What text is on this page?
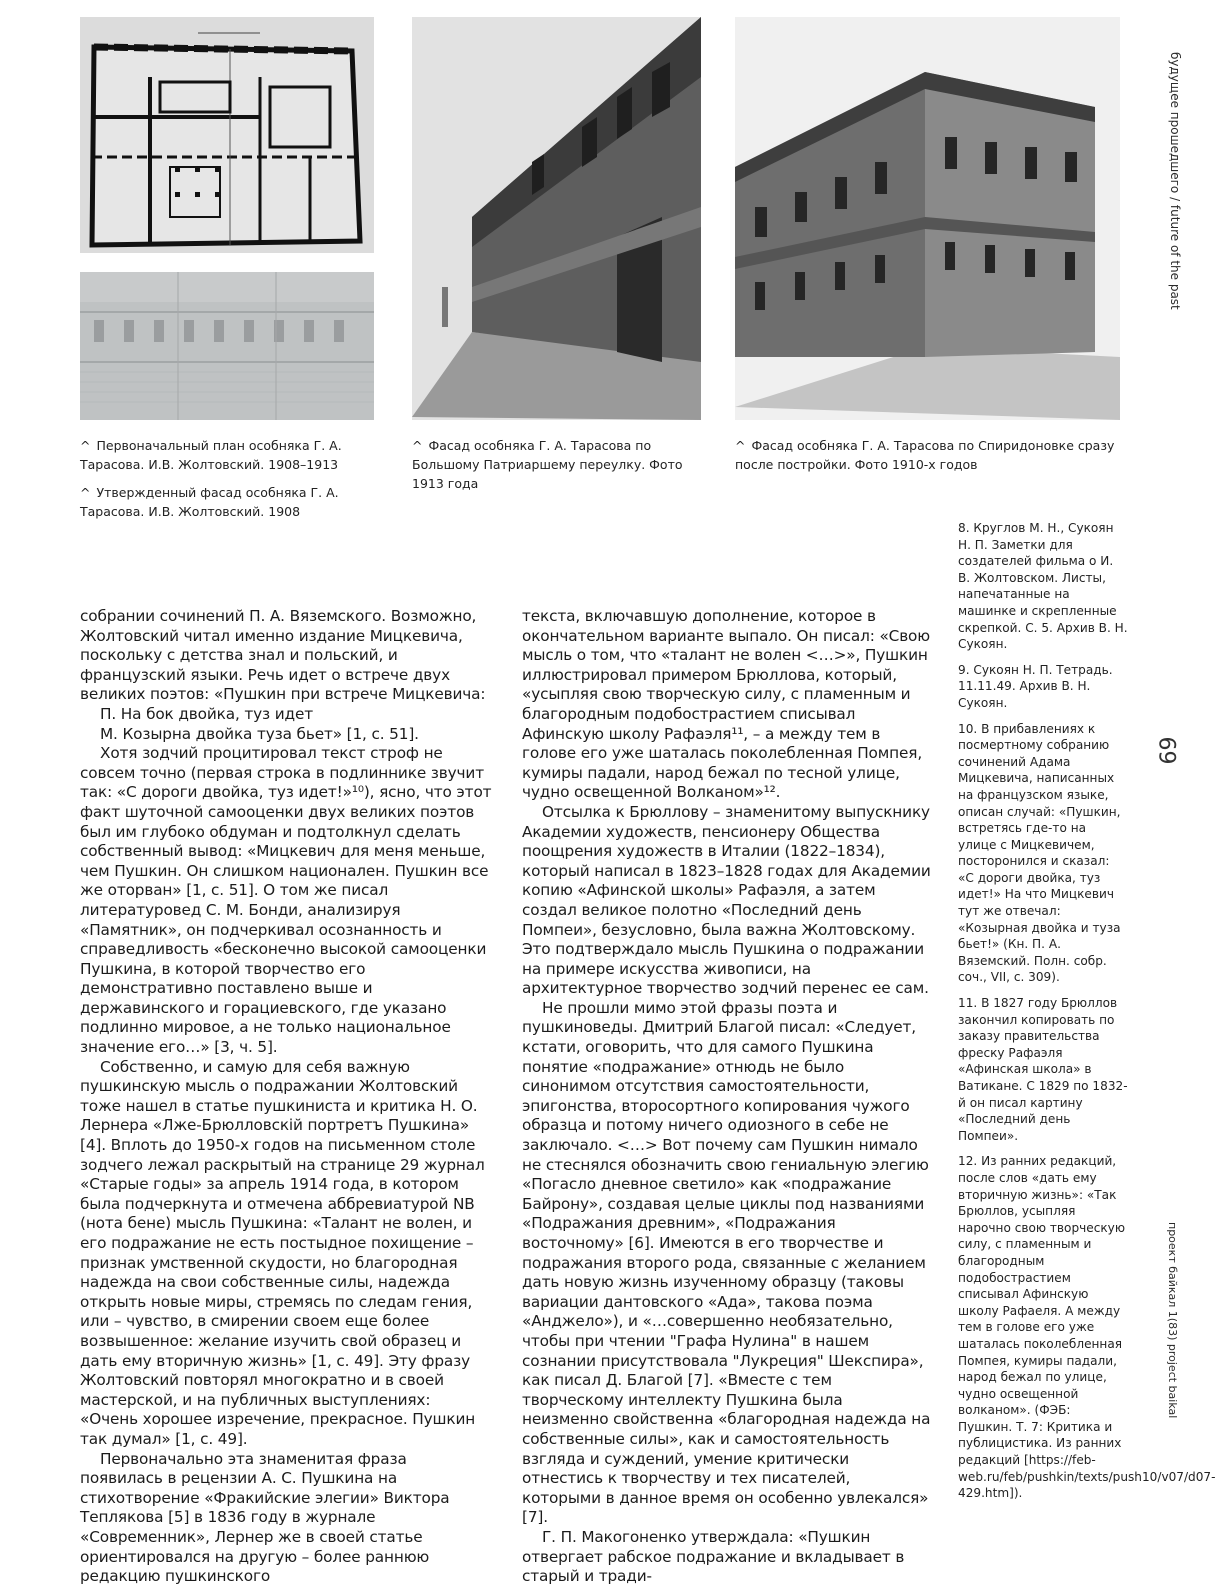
^ Первоначальный план особняка Г. А. Тарасова. И.В. Жолтовский. 1908–1913
^ Утвержденный фасад особняка Г. А. Тарасова. И.В. Жолтовский. 1908
^ Фасад особняка Г. А. Тарасова по Большому Патриаршему переулку. Фото 1913 года
^ Фасад особняка Г. А. Тарасова по Спиридоновке сразу после постройки. Фото 1910-х годов

собрании сочинений П. А. Вяземского. Возможно, Жолтовский читал именно издание Мицкевича, поскольку с детства знал и польский, и французский языки. Речь идет о встрече двух великих поэтов: «Пушкин при встрече Мицкевича:

П. На бок двойка, туз идет

М. Козырна двойка туза бьет» [1, с. 51].

Хотя зодчий процитировал текст строф не совсем точно (первая строка в подлиннике звучит так: «С дороги двойка, туз идет!»¹⁰), ясно, что этот факт шуточной самооценки двух великих поэтов был им глубоко обдуман и подтолкнул сделать собственный вывод: «Мицкевич для меня меньше, чем Пушкин. Он слишком национален. Пушкин все же оторван» [1, с. 51]. О том же писал литературовед С. М. Бонди, анализируя «Памятник», он подчеркивал осознанность и справедливость «бесконечно высокой самооценки Пушкина, в которой творчество его демонстративно поставлено выше и державинского и горациевского, где указано подлинно мировое, а не только национальное значение его…» [3, ч. 5].

Собственно, и самую для себя важную пушкинскую мысль о подражании Жолтовский тоже нашел в статье пушкиниста и критика Н. О. Лернера «Лже-Брюлловскій портретъ Пушкина» [4]. Вплоть до 1950-х годов на письменном столе зодчего лежал раскрытый на странице 29 журнал «Старые годы» за апрель 1914 года, в котором была подчеркнута и отмечена аббревиатурой NB (нота бене) мысль Пушкина: «Талант не волен, и его подражание не есть постыдное похищение – признак умственной скудости, но благородная надежда на свои собственные силы, надежда открыть новые миры, стремясь по следам гения, или – чувство, в смирении своем еще более возвышенное: желание изучить свой образец и дать ему вторичную жизнь» [1, с. 49]. Эту фразу Жолтовский повторял многократно и в своей мастерской, и на публичных выступлениях: «Очень хорошее изречение, прекрасное. Пушкин так думал» [1, с. 49].

Первоначально эта знаменитая фраза появилась в рецензии А. С. Пушкина на стихотворение «Фракийские элегии» Виктора Теплякова [5] в 1836 году в журнале «Современник», Лернер же в своей статье ориентировался на другую – более раннюю редакцию пушкинского

текста, включавшую дополнение, которое в окончательном варианте выпало. Он писал: «Свою мысль о том, что «талант не волен <…>», Пушкин иллюстрировал примером Брюллова, который, «усыпляя свою творческую силу, с пламенным и благородным подобострастием списывал Афинскую школу Рафаэля¹¹, – а между тем в голове его уже шаталась поколебленная Помпея, кумиры падали, народ бежал по тесной улице, чудно освещенной Волканом»¹².

Отсылка к Брюллову – знаменитому выпускнику Академии художеств, пенсионеру Общества поощрения художеств в Италии (1822–1834), который написал в 1823–1828 годах для Академии копию «Афинской школы» Рафаэля, а затем создал великое полотно «Последний день Помпеи», безусловно, была важна Жолтовскому. Это подтверждало мысль Пушкина о подражании на примере искусства живописи, на архитектурное творчество зодчий перенес ее сам.

Не прошли мимо этой фразы поэта и пушкиноведы. Дмитрий Благой писал: «Следует, кстати, оговорить, что для самого Пушкина понятие «подражание» отнюдь не было синонимом отсутствия самостоятельности, эпигонства, второсортного копирования чужого образца и потому ничего одиозного в себе не заключало. <…> Вот почему сам Пушкин нимало не стеснялся обозначить свою гениальную элегию «Погасло дневное светило» как «подражание Байрону», создавая целые циклы под названиями «Подражания древним», «Подражания восточному» [6]. Имеются в его творчестве и подражания второго рода, связанные с желанием дать новую жизнь изученному образцу (таковы вариации дантовского «Ада», такова поэма «Анджело»), и «…совершенно необязательно, чтобы при чтении "Графа Нулина" в нашем сознании присутствовала "Лукреция" Шекспира», как писал Д. Благой [7]. «Вместе с тем творческому интеллекту Пушкина была неизменно свойственна «благородная надежда на собственные силы», как и самостоятельность взгляда и суждений, умение критически отнестись к творчеству и тех писателей, которыми в данное время он особенно увлекался» [7].

Г. П. Макогоненко утверждала: «Пушкин отвергает рабское подражание и вкладывает в старый и тради-

8. Круглов М. Н., Сукоян Н. П. Заметки для создателей фильма о И. В. Жолтовском. Листы, напечатанные на машинке и скрепленные скрепкой. С. 5. Архив В. Н. Сукоян.
9. Сукоян Н. П. Тетрадь. 11.11.49. Архив В. Н. Сукоян.
10. В прибавлениях к посмертному собранию сочинений Адама Мицкевича, написанных на французском языке, описан случай: «Пушкин, встретясь где-то на улице с Мицкевичем, посторонился и сказал: «С дороги двойка, туз идет!» На что Мицкевич тут же отвечал: «Козырная двойка и туза бьет!» (Кн. П. А. Вяземский. Полн. собр. соч., VII, с. 309).
11. В 1827 году Брюллов закончил копировать по заказу правительства фреску Рафаэля «Афинская школа» в Ватикане. С 1829 по 1832-й он писал картину «Последний день Помпеи».
12. Из ранних редакций, после слов «дать ему вторичную жизнь»: «Так Брюллов, усыпляя нарочно свою творческую силу, с пламенным и благородным подобострастием списывал Афинскую школу Рафаеля. А между тем в голове его уже шаталась поколебленная Помпея, кумиры падали, народ бежал по улице, чудно освещенной волканом». (ФЭБ: Пушкин. Т. 7: Критика и публицистика. Из ранних редакций [https://feb-web.ru/feb/pushkin/texts/push10/v07/d07-429.htm]).
будущее прошедшего / future of the past
69
проект байкал 1(83) project baikal
